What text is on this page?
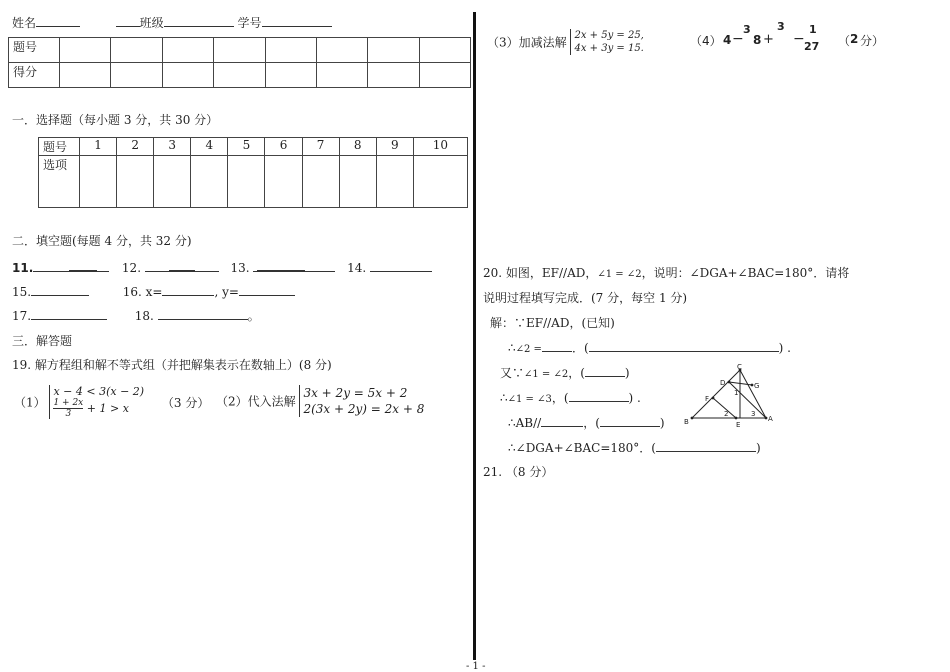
姓名	班级	学号
题号								
得分								
一．选择题（每小题 3 分，共 30 分）
题号	1	2	3	4	5	6	7	8	9	10
选项										
二．填空题(每题 4 分，共 32 分)
11.	12.	13.	14.
15.	16. x=	, y=
17.	18.	。
三．解答题
19. 解方程组和解不等式组（并把解集表示在数轴上）(8 分)
（1） x − 4 < 3(x − 2)

$\frac{1 + 2x}{3} + 1 > x$	（3 分） （2）代入法解 3x + 2y = 5x + 2
2(3x + 2y) = 2x + 8
（3）加减法解 2x + 5y = 25,
4x + 3y = 15.
（4） 4 −
3
8 +
3
−
1
27 （ 2 分）
20. 如图，EF//AD，∠1 = ∠2，说明：∠DGA+∠BAC=180°．请将
说明过程填写完成．(7 分，每空 1 分)
解：∵EF//AD，(已知)
∴∠2 =	．(	) .
又∵∠1 = ∠2，(	)
∴∠1 = ∠3，(	) .
∴AB//	，(	)
∴∠DGA+∠BAC=180°．(	)
C
D	G
F
1
B
2	3
A
E
21. （8 分）
- 1 -
